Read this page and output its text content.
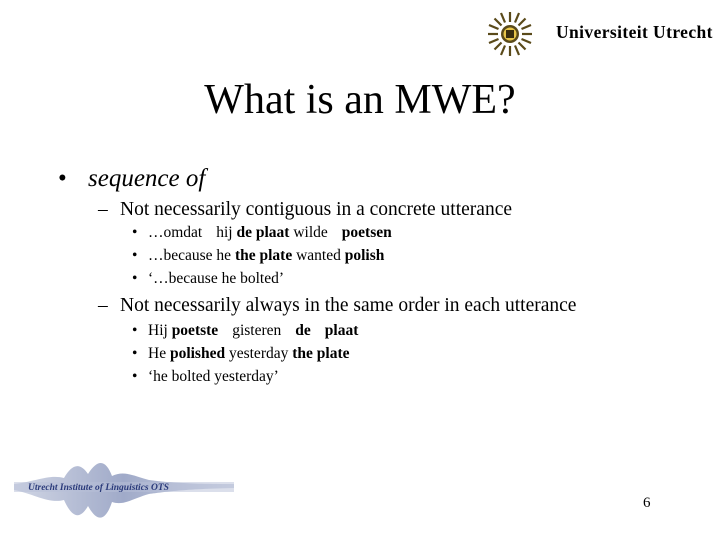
Universiteit Utrecht
What is an MWE?
• sequence of
– Not necessarily contiguous in a concrete utterance
• …omdat hij de plaat wilde poetsen
• …because he the plate wanted polish
• ‘…because he bolted’
– Not necessarily always in the same order in each utterance
• Hij poetste gisteren de plaat
• He polished yesterday the plate
• ‘he bolted yesterday’
Utrecht Institute of Linguistics OTS
6
